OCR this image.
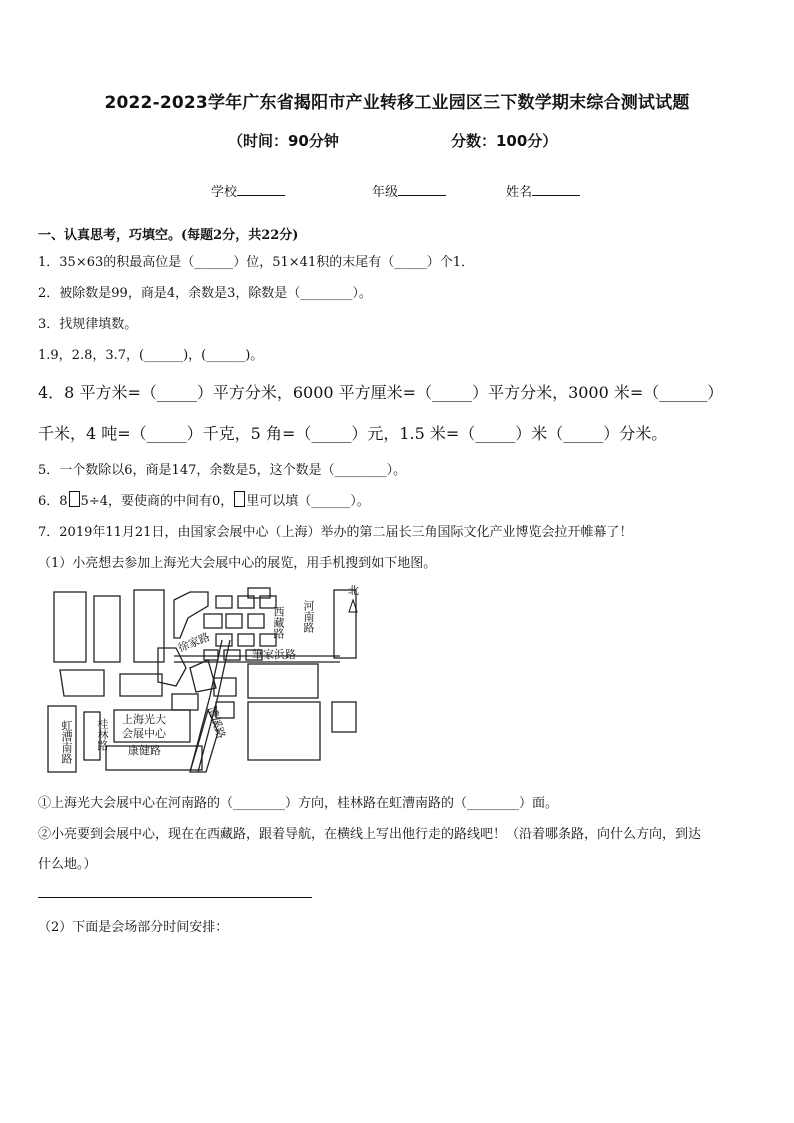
2022-2023学年广东省揭阳市产业转移工业园区三下数学期末综合测试试题
（时间：90分钟	分数：100分）
学校	年级	姓名
一、认真思考，巧填空。(每题2分，共22分)
1．35×63的积最高位是（______）位，51×41积的末尾有（_____）个1．
2．被除数是99，商是4，余数是3，除数是（________）。
3．找规律填数。
1.9，2.8，3.7，(______)，(______)。
4．8 平方米=（_____）平方分米，6000 平方厘米=（_____）平方分米，3000 米=（______）
千米，4 吨=（_____）千克，5 角=（_____）元，1.5 米=（_____）米（_____）分米。
5．一个数除以6，商是147，余数是5，这个数是（________）。
6．8 5÷4，要使商的中间有0， 里可以填（______）。
7．2019年11月21日，由国家会展中心（上海）举办的第二届长三角国际文化产业博览会拉开帷幕了！
（1）小亮想去参加上海光大会展中心的展览，用手机搜到如下地图。
北
西藏路 河南路
徐家路
筆家浜路
漕溪路
虹漕南路 桂林路 康健路
上海光大
会展中心
①上海光大会展中心在河南路的（________）方向，桂林路在虹漕南路的（________）面。
②小亮要到会展中心，现在在西藏路，跟着导航，在横线上写出他行走的路线吧！（沿着哪条路，向什么方向，到达
什么地。）
（2）下面是会场部分时间安排：
